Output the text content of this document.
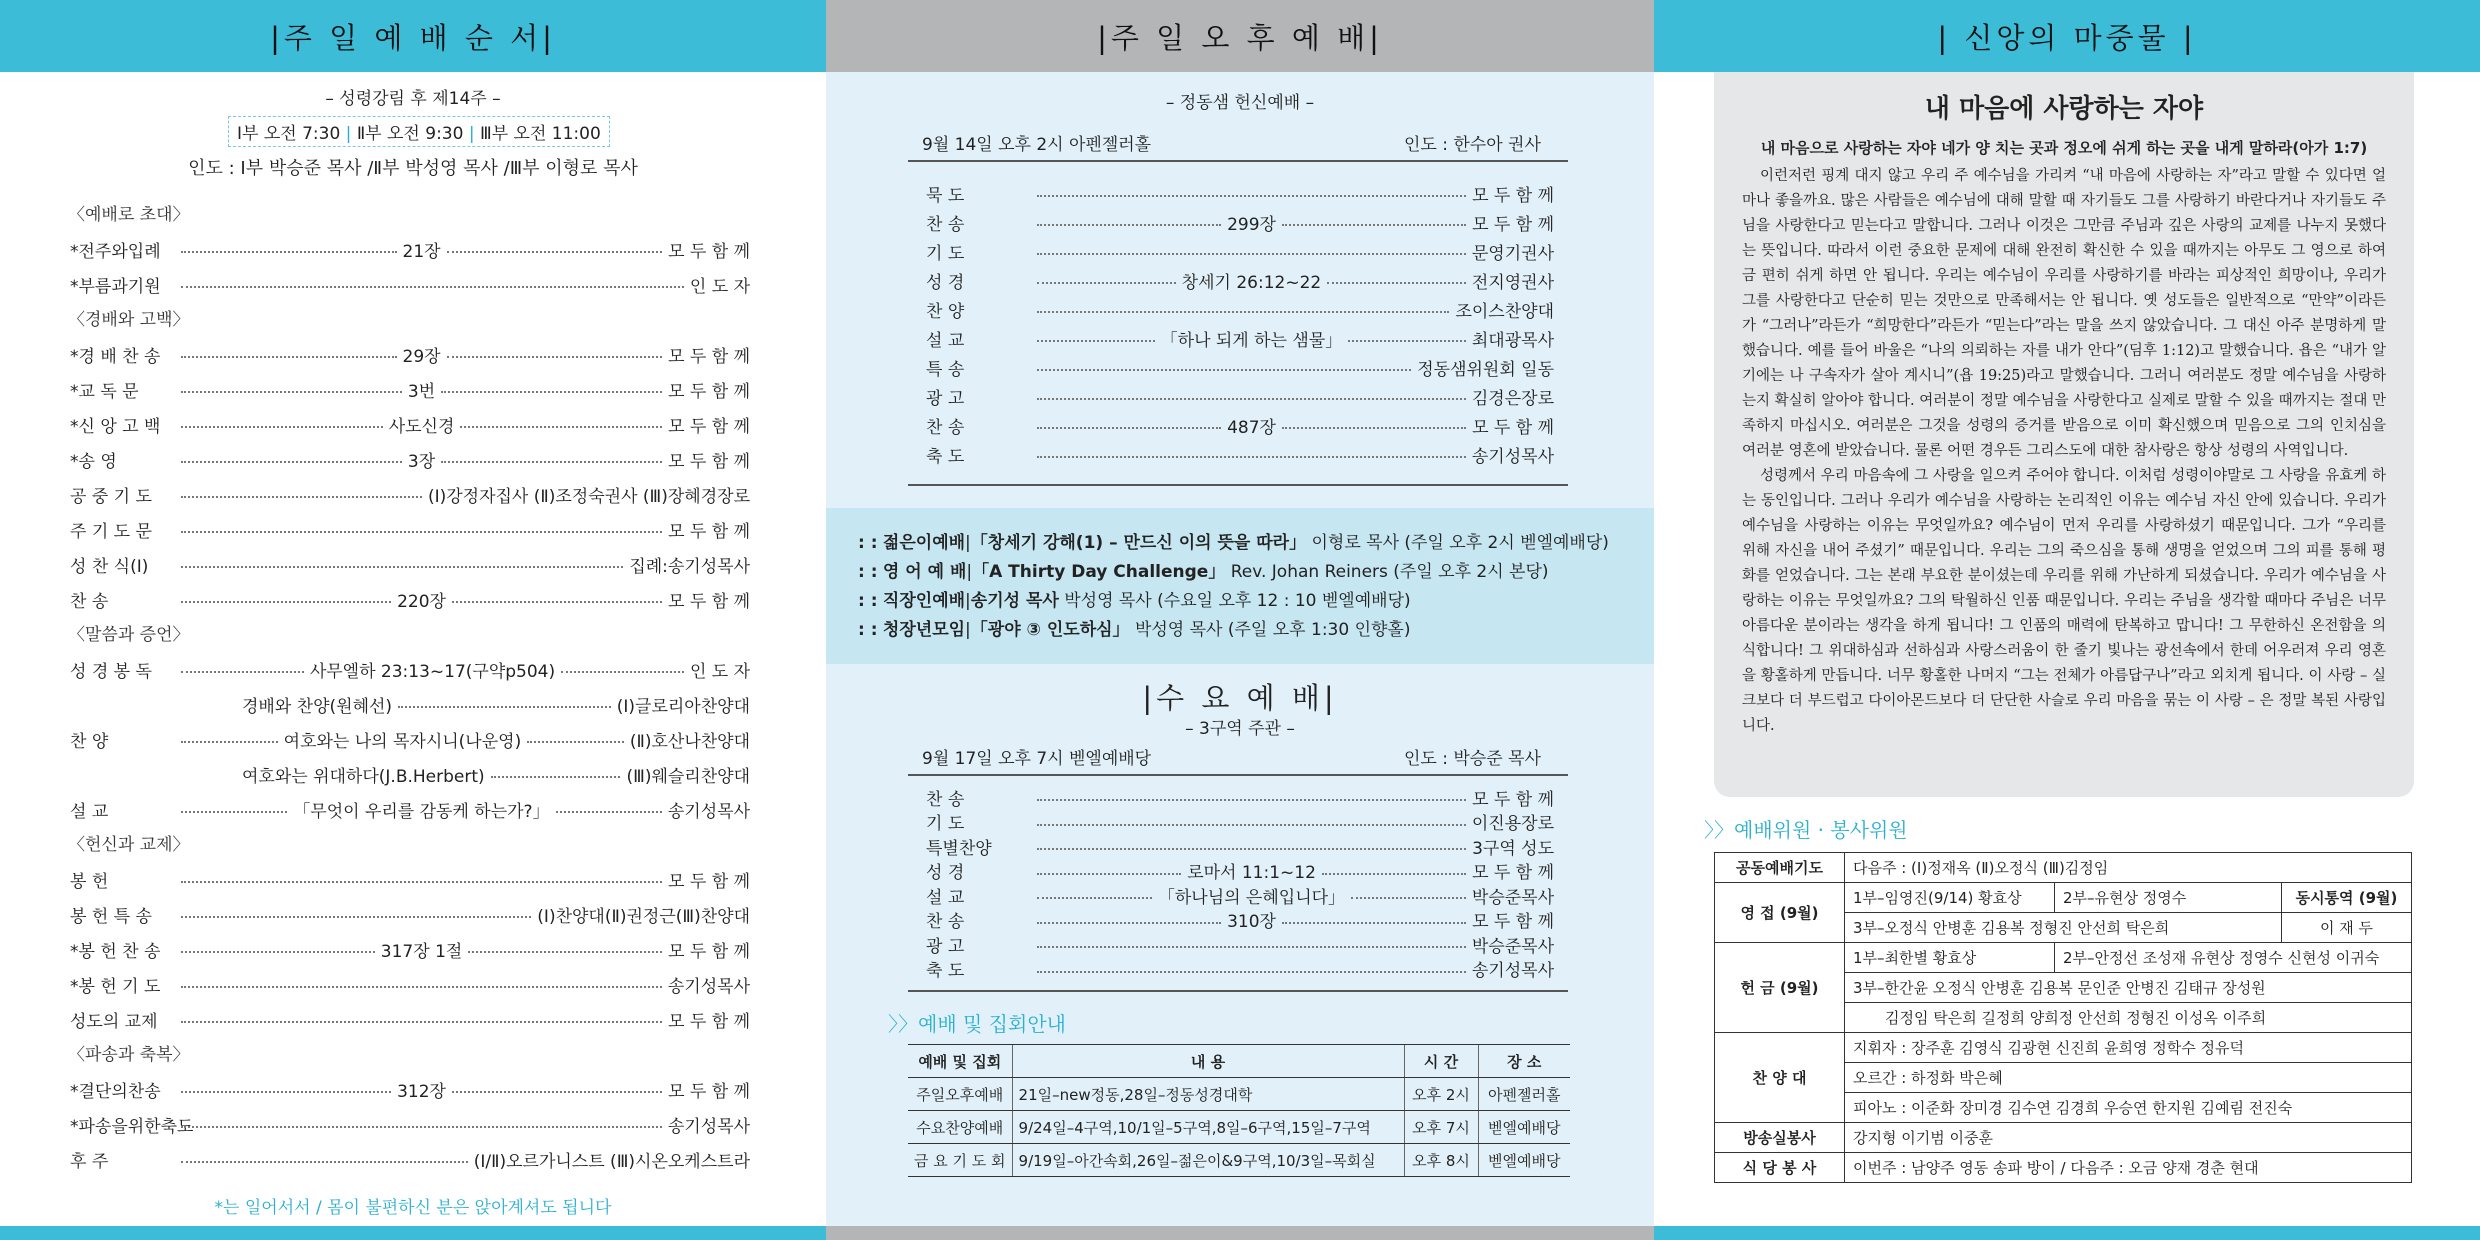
|주 일 예 배 순 서|
– 성령강림 후 제14주 –
Ⅰ부 오전 7:30 | Ⅱ부 오전 9:30 | Ⅲ부 오전 11:00
인도 : Ⅰ부 박승준 목사 /Ⅱ부 박성영 목사 /Ⅲ부 이형로 목사
〈예배로 초대〉
〈경배와 고백〉
〈말씀과 증언〉
〈헌신과 교제〉
〈파송과 축복〉
*전주와입례	21장	모 두 함 께
*부름과기원	인 도 자
*경 배 찬 송	29장	모 두 함 께
*교 독 문	3번	모 두 함 께
*신 앙 고 백	사도신경	모 두 함 께
*송 영	3장	모 두 함 께
공 중 기 도	(Ⅰ)강정자집사 (Ⅱ)조정숙권사 (Ⅲ)장혜경장로
주 기 도 문	모 두 함 께
성 찬 식(Ⅰ)	집례:송기성목사
찬 송	220장	모 두 함 께
성 경 봉 독	사무엘하 23:13~17(구약p504)	인 도 자
경배와 찬양(원혜선)	(Ⅰ)글로리아찬양대
찬 양	여호와는 나의 목자시니(나운영)	(Ⅱ)호산나찬양대
여호와는 위대하다(J.B.Herbert)	(Ⅲ)웨슬리찬양대
설 교	「무엇이 우리를 감동케 하는가?」	송기성목사
봉 헌	모 두 함 께
봉 헌 특 송	(Ⅰ)찬양대(Ⅱ)권정근(Ⅲ)찬양대
*봉 헌 찬 송	317장 1절	모 두 함 께
*봉 헌 기 도	송기성목사
성도의 교제	모 두 함 께
*결단의찬송	312장	모 두 함 께
*파송을위한축도	송기성목사
후 주	(Ⅰ/Ⅱ)오르가니스트 (Ⅲ)시온오케스트라
*는 일어서서 / 몸이 불편하신 분은 앉아계셔도 됩니다
|주 일 오 후 예 배|
– 정동샘 헌신예배 –
9월 14일 오후 2시 아펜젤러홀	인도 : 한수아 권사
묵 도	모 두 함 께
찬 송	299장	모 두 함 께
기 도	문영기권사
성 경	창세기 26:12~22	전지영권사
찬 양	조이스찬양대
설 교	「하나 되게 하는 샘물」	최대광목사
특 송	정동샘위원회 일동
광 고	김경은장로
찬 송	487장	모 두 함 께
축 도	송기성목사
: : 젊은이예배|「창세기 강해(1) – 만드신 이의 뜻을 따라」 이형로 목사 (주일 오후 2시 벧엘예배당)
: : 영 어 예 배|「A Thirty Day Challenge」 Rev. Johan Reiners (주일 오후 2시 본당)
: : 직장인예배|송기성 목사 박성영 목사 (수요일 오후 12 : 10 벧엘예배당)
: : 청장년모임|「광야 ③ 인도하심」 박성영 목사 (주일 오후 1:30 인향홀)
|수 요 예 배|
– 3구역 주관 –
9월 17일 오후 7시 벧엘예배당	인도 : 박승준 목사
찬 송	모 두 함 께
기 도	이진용장로
특별찬양	3구역 성도
성 경	로마서 11:1~12	모 두 함 께
설 교	「하나님의 은혜입니다」	박승준목사
찬 송	310장	모 두 함 께
광 고	박승준목사
축 도	송기성목사
〉〉예배 및 집회안내
예배 및 집회	내 용	시 간	장 소
주일오후예배	21일–new정동,28일–정동성경대학	오후 2시	아펜젤러홀
수요찬양예배	9/24일–4구역,10/1일–5구역,8일–6구역,15일–7구역	오후 7시	벧엘예배당
금 요 기 도 회	9/19일–아간속회,26일–젊은이&9구역,10/3일–목회실	오후 8시	벧엘예배당
| 신앙의 마중물 |
내 마음에 사랑하는 자야
내 마음으로 사랑하는 자야 네가 양 치는 곳과 정오에 쉬게 하는 곳을 내게 말하라(아가 1:7)
이런저런 핑계 대지 않고 우리 주 예수님을 가리켜 “내 마음에 사랑하는 자”라고 말할 수 있다면 얼마나 좋을까요. 많은 사람들은 예수님에 대해 말할 때 자기들도 그를 사랑하기 바란다거나 자기들도 주님을 사랑한다고 믿는다고 말합니다. 그러나 이것은 그만큼 주님과 깊은 사랑의 교제를 나누지 못했다는 뜻입니다. 따라서 이런 중요한 문제에 대해 완전히 확신한 수 있을 때까지는 아무도 그 영으로 하여금 편히 쉬게 하면 안 됩니다. 우리는 예수님이 우리를 사랑하기를 바라는 피상적인 희망이나, 우리가 그를 사랑한다고 단순히 믿는 것만으로 만족해서는 안 됩니다. 옛 성도들은 일반적으로 “만약”이라든가 “그러나”라든가 “희망한다”라든가 “믿는다”라는 말을 쓰지 않았습니다. 그 대신 아주 분명하게 말했습니다. 예를 들어 바울은 “나의 의뢰하는 자를 내가 안다”(딤후 1:12)고 말했습니다. 욥은 “내가 알기에는 나 구속자가 살아 계시니”(욥 19:25)라고 말했습니다. 그러니 여러분도 정말 예수님을 사랑하는지 확실히 알아야 합니다. 여러분이 정말 예수님을 사랑한다고 실제로 말할 수 있을 때까지는 절대 만족하지 마십시오. 여러분은 그것을 성령의 증거를 받음으로 이미 확신했으며 믿음으로 그의 인치심을 여러분 영혼에 받았습니다. 물론 어떤 경우든 그리스도에 대한 참사랑은 항상 성령의 사역입니다.
성령께서 우리 마음속에 그 사랑을 일으켜 주어야 합니다. 이처럼 성령이야말로 그 사랑을 유효케 하는 동인입니다. 그러나 우리가 예수님을 사랑하는 논리적인 이유는 예수님 자신 안에 있습니다. 우리가 예수님을 사랑하는 이유는 무엇일까요? 예수님이 먼저 우리를 사랑하셨기 때문입니다. 그가 “우리를 위해 자신을 내어 주셨기” 때문입니다. 우리는 그의 죽으심을 통해 생명을 얻었으며 그의 피를 통해 평화를 얻었습니다. 그는 본래 부요한 분이셨는데 우리를 위해 가난하게 되셨습니다. 우리가 예수님을 사랑하는 이유는 무엇일까요? 그의 탁월하신 인품 때문입니다. 우리는 주님을 생각할 때마다 주님은 너무 아름다운 분이라는 생각을 하게 됩니다! 그 인품의 매력에 탄복하고 맙니다! 그 무한하신 온전함을 의식합니다! 그 위대하심과 선하심과 사랑스러움이 한 줄기 빛나는 광선속에서 한데 어우러져 우리 영혼을 황홀하게 만듭니다. 너무 황홀한 나머지 “그는 전체가 아름답구나”라고 외치게 됩니다. 이 사랑 – 실크보다 더 부드럽고 다이아몬드보다 더 단단한 사슬로 우리 마음을 묶는 이 사랑 – 은 정말 복된 사랑입니다.
〉〉예배위원 · 봉사위원
공동예배기도	다음주 : (Ⅰ)정재옥 (Ⅱ)오정식 (Ⅲ)김정임		
영 접 (9월)	1부–임영진(9/14) 황효상	2부–유현상 정영수	동시통역 (9월)
	3부–오정식 안병훈 김용복 정형진 안선희 탁은희		이 재 두
헌 금 (9월)	1부–최한별 황효상	2부–안정선 조성재 유현상 정영수 신현성 이귀숙	
	3부–한간윤 오정식 안병훈 김용복 문인준 안병진 김태규 장성원		
	김정임 탁은희 길정희 양희정 안선희 정형진 이성옥 이주희		
찬 양 대	지휘자 : 장주훈 김영식 김광현 신진희 윤희영 정학수 정유덕		
	오르간 : 하정화 박은혜		
	피아노 : 이준화 장미경 김수연 김경희 우승연 한지원 김예림 전진숙		
방송실봉사	강지형 이기범 이중훈		
식 당 봉 사	이번주 : 남양주 영동 송파 방이 / 다음주 : 오금 양재 경춘 현대		
